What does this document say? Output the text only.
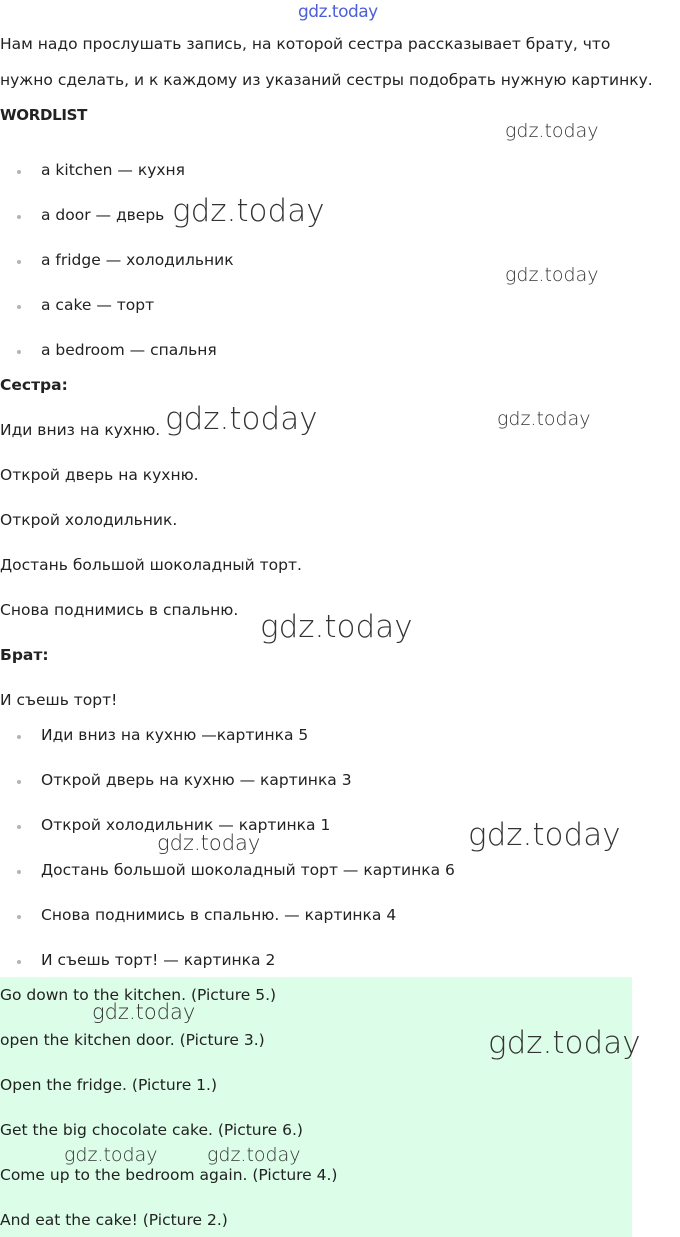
gdz.today
Нам надо прослушать запись, на которой сестра рассказывает брату, что
нужно сделать, и к каждому из указаний сестры подобрать нужную картинку.
WORDLIST
a kitchen — кухня
a door — дверь
a fridge — холодильник
a cake — торт
a bedroom — спальня
Сестра:
Иди вниз на кухню.
Открой дверь на кухню.
Открой холодильник.
Достань большой шоколадный торт.
Снова поднимись в спальню.
Брат:
И съешь торт!
Иди вниз на кухню —картинка 5
Открой дверь на кухню — картинка 3
Открой холодильник — картинка 1
Достань большой шоколадный торт — картинка 6
Снова поднимись в спальню. — картинка 4
И съешь торт! — картинка 2
Go down to the kitchen. (Picture 5.)
open the kitchen door. (Picture 3.)
Open the fridge. (Picture 1.)
Get the big chocolate cake. (Picture 6.)
Come up to the bedroom again. (Picture 4.)
And eat the cake! (Picture 2.)
gdz.today
gdz.today
gdz.today
gdz.today	gdz.today
gdz.today
gdz.today
gdz.today
gdz.today
gdz.today
gdz.today	gdz.today
